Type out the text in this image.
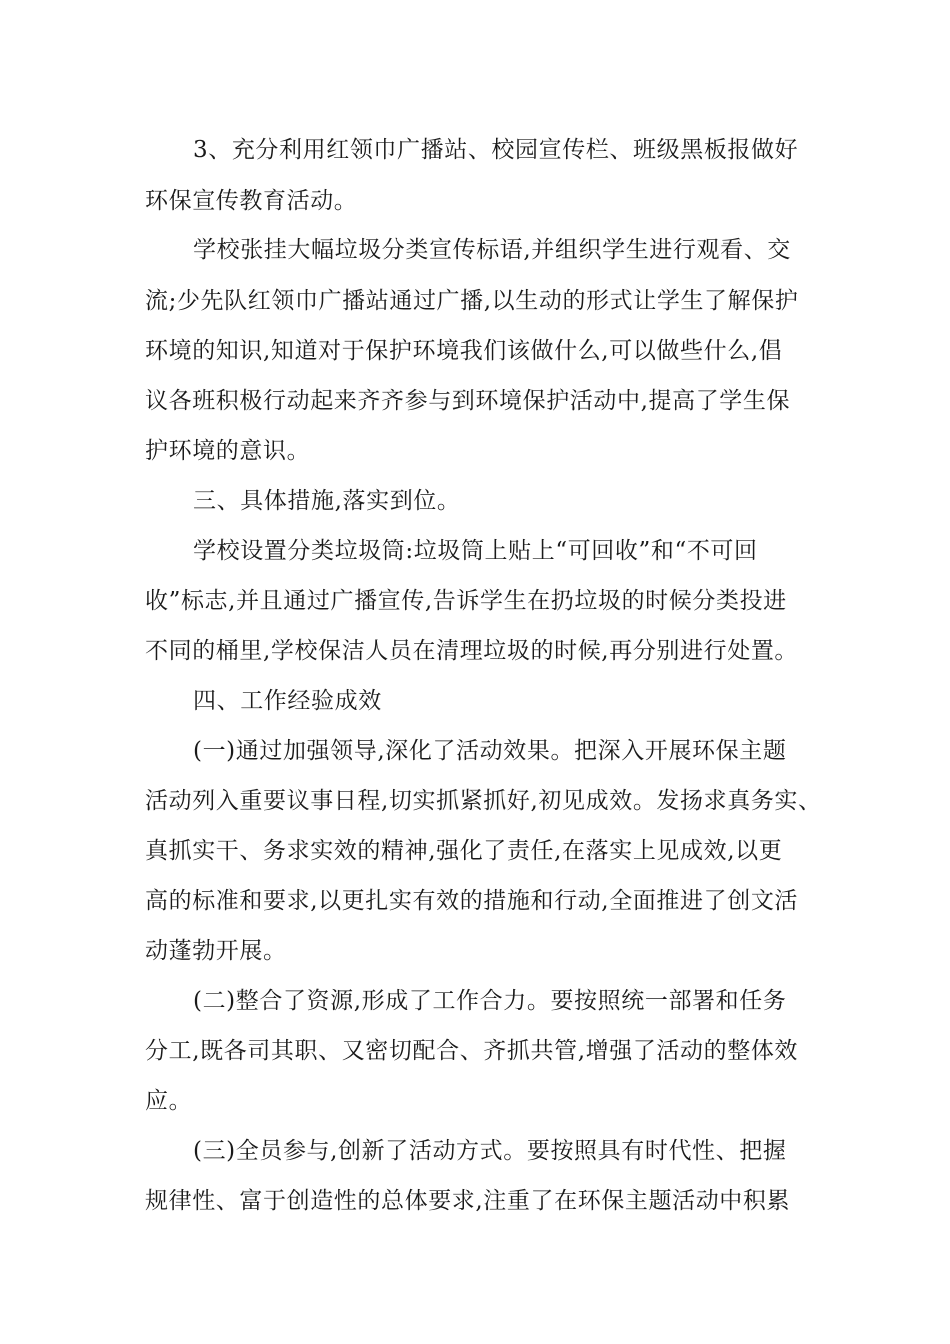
3、充分利用红领巾广播站、校园宣传栏、班级黑板报做好
环保宣传教育活动。
学校张挂大幅垃圾分类宣传标语,并组织学生进行观看、交
流;少先队红领巾广播站通过广播,以生动的形式让学生了解保护
环境的知识,知道对于保护环境我们该做什么,可以做些什么,倡
议各班积极行动起来齐齐参与到环境保护活动中,提高了学生保
护环境的意识。
三、具体措施,落实到位。
学校设置分类垃圾筒:垃圾筒上贴上“可回收”和“不可回
收”标志,并且通过广播宣传,告诉学生在扔垃圾的时候分类投进
不同的桶里,学校保洁人员在清理垃圾的时候,再分别进行处置。
四、工作经验成效
(一)通过加强领导,深化了活动效果。把深入开展环保主题
活动列入重要议事日程,切实抓紧抓好,初见成效。发扬求真务实、
真抓实干、务求实效的精神,强化了责任,在落实上见成效,以更
高的标准和要求,以更扎实有效的措施和行动,全面推进了创文活
动蓬勃开展。
(二)整合了资源,形成了工作合力。要按照统一部署和任务
分工,既各司其职、又密切配合、齐抓共管,增强了活动的整体效
应。
(三)全员参与,创新了活动方式。要按照具有时代性、把握
规律性、富于创造性的总体要求,注重了在环保主题活动中积累
